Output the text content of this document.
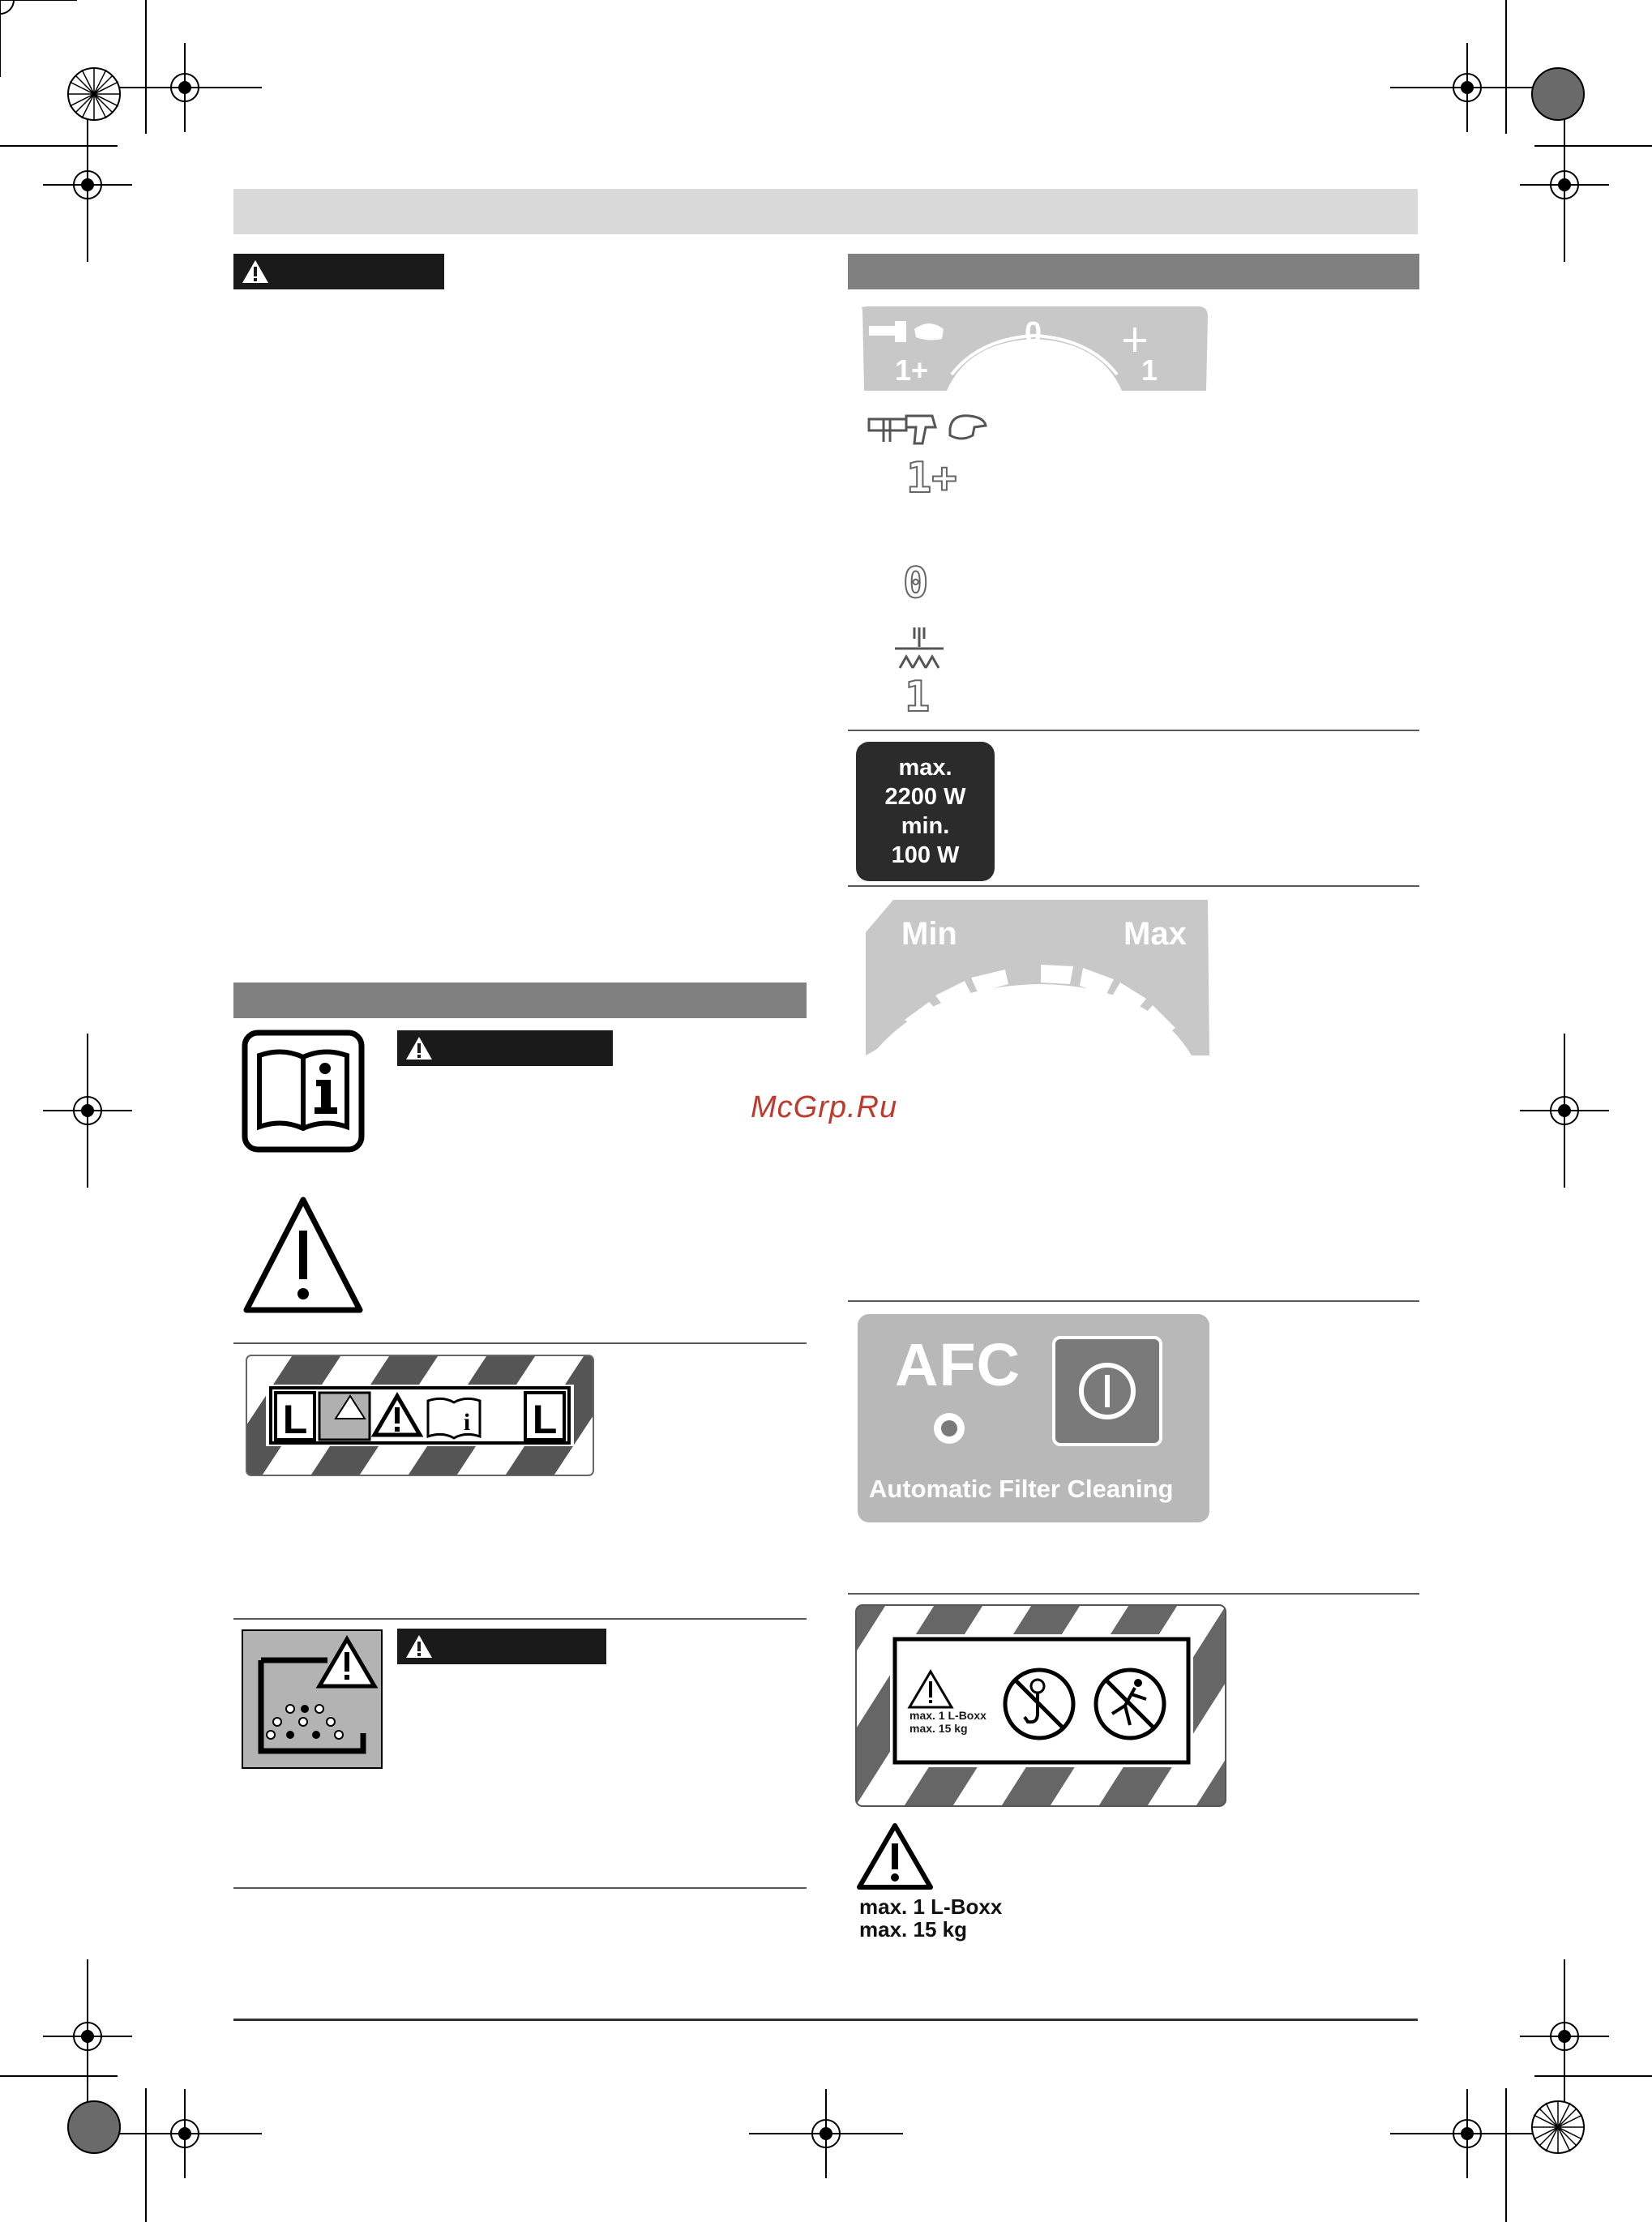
L	i L
1+
0
1
1+
0
1
max.
2200 W
min.
100 W
Min	Max
McGrp.Ru
AFC
Automatic Filter Cleaning
max. 1 L-Boxx
max. 15 kg
max. 1 L-Boxx
max. 15 kg
